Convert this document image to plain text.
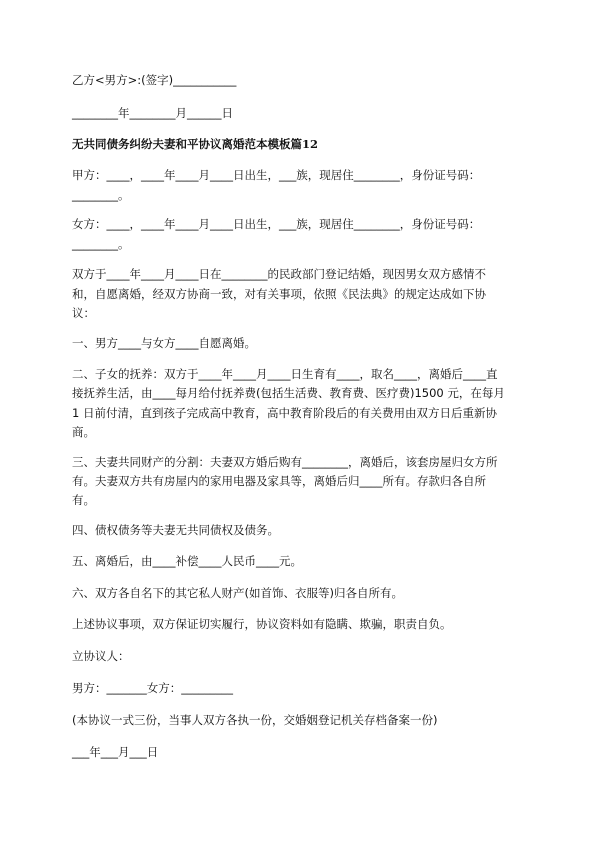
乙方<男方>:(签字)___________
________年________月______日
无共同债务纠纷夫妻和平协议离婚范本模板篇12
甲方：____，____年____月____日出生，___族，现居住________，身份证号码：
________。
女方：____，____年____月____日出生，___族，现居住________，身份证号码：
________。
双方于____年____月____日在________的民政部门登记结婚，现因男女双方感情不
和，自愿离婚，经双方协商一致，对有关事项，依照《民法典》的规定达成如下协
议：
一、男方____与女方____自愿离婚。
二、子女的抚养：双方于____年____月____日生育有____，取名____，离婚后____直
接抚养生活，由____每月给付抚养费(包括生活费、教育费、医疗费)1500 元，在每月
1 日前付清，直到孩子完成高中教育，高中教育阶段后的有关费用由双方日后重新协
商。
三、夫妻共同财产的分割：夫妻双方婚后购有________，离婚后，该套房屋归女方所
有。夫妻双方共有房屋内的家用电器及家具等，离婚后归____所有。存款归各自所
有。
四、债权债务等夫妻无共同债权及债务。
五、离婚后，由____补偿____人民币____元。
六、双方各自名下的其它私人财产(如首饰、衣服等)归各自所有。
上述协议事项，双方保证切实履行，协议资料如有隐瞒、欺骗，职责自负。
立协议人：
男方：_______女方：_________
(本协议一式三份，当事人双方各执一份，交婚姻登记机关存档备案一份)
___年___月___日
